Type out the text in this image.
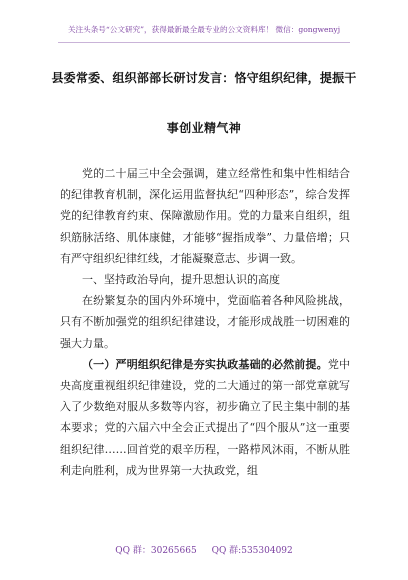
关注头条号“公文研究”，获得最新最全最专业的公文资料库！ 微信：gongwenyj
县委常委、组织部部长研讨发言：恪守组织纪律，提振干
事创业精气神

党的二十届三中全会强调，建立经常性和集中性相结合的纪律教育机制，深化运用监督执纪“四种形态”，综合发挥党的纪律教育约束、保障激励作用。党的力量来自组织，组织筋脉活络、肌体康健，才能够“握指成拳”、力量倍增；只有严守组织纪律红线，才能凝聚意志、步调一致。

一、坚持政治导向，提升思想认识的高度

在纷繁复杂的国内外环境中，党面临着各种风险挑战，只有不断加强党的组织纪律建设，才能形成战胜一切困难的强大力量。

（一）严明组织纪律是夯实执政基础的必然前提。党中央高度重视组织纪律建设，党的二大通过的第一部党章就写入了少数绝对服从多数等内容，初步确立了民主集中制的基本要求；党的六届六中全会正式提出了“四个服从”这一重要组织纪律……回首党的艰辛历程，一路栉风沐雨，不断从胜利走向胜利，成为世界第一大执政党，组

QQ 群：30265665 QQ 群:535304092
